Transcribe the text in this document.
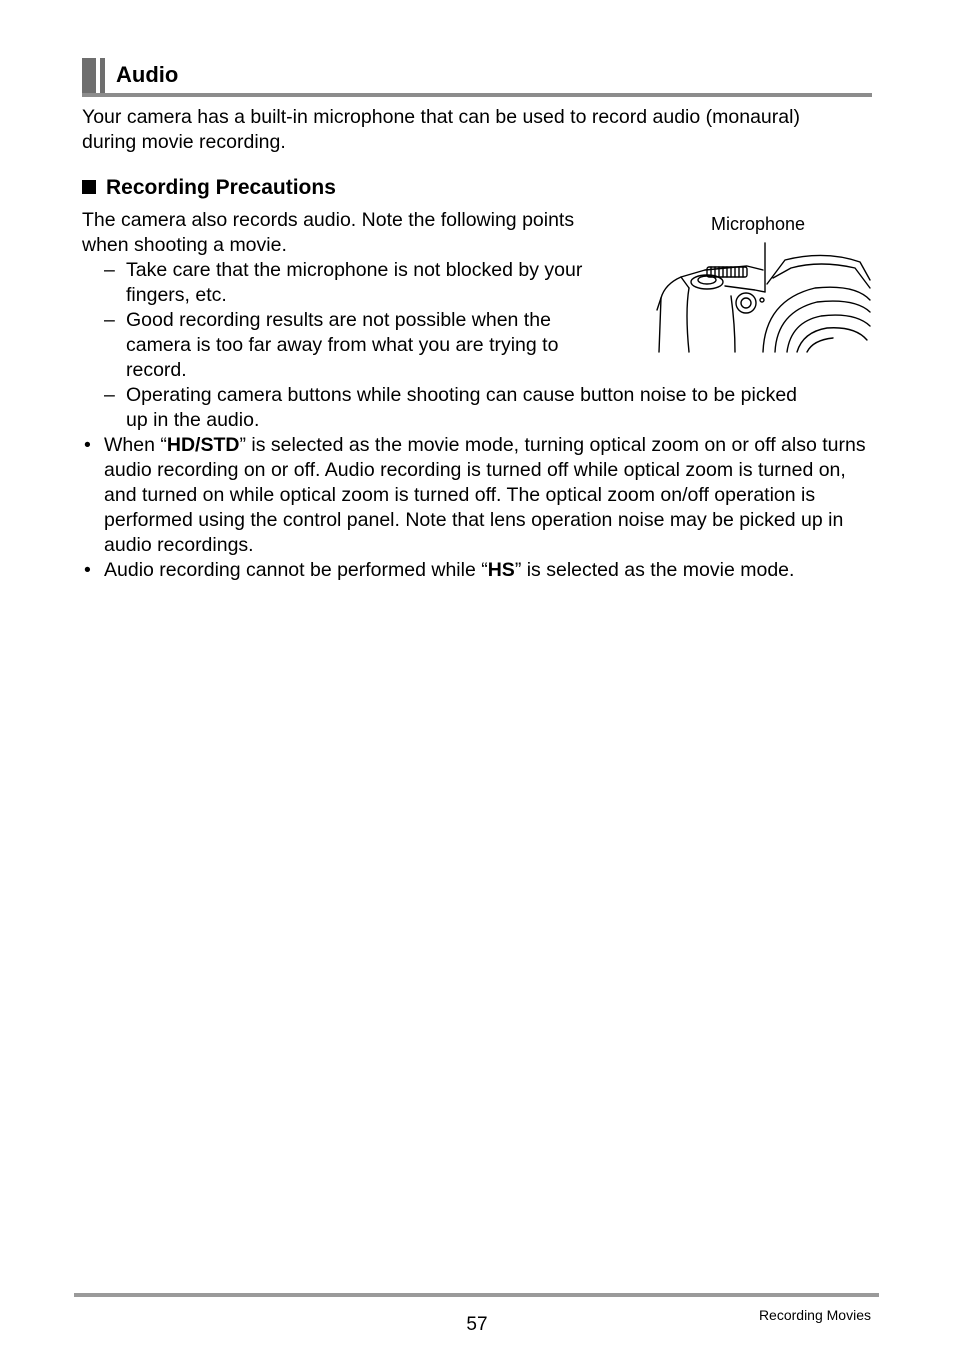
Audio
Your camera has a built-in microphone that can be used to record audio (monaural)
during movie recording.
Recording Precautions
The camera also records audio. Note the following points
when shooting a movie.
– Take care that the microphone is not blocked by your
fingers, etc.
– Good recording results are not possible when the
camera is too far away from what you are trying to
record.
– Operating camera buttons while shooting can cause button noise to be picked
up in the audio.
• When “HD/STD” is selected as the movie mode, turning optical zoom on or off also turns audio recording on or off. Audio recording is turned off while optical zoom is turned on, and turned on while optical zoom is turned off. The optical zoom on/off operation is performed using the control panel. Note that lens operation noise may be picked up in audio recordings.
• Audio recording cannot be performed while “HS” is selected as the movie mode.
Microphone
57	Recording Movies
